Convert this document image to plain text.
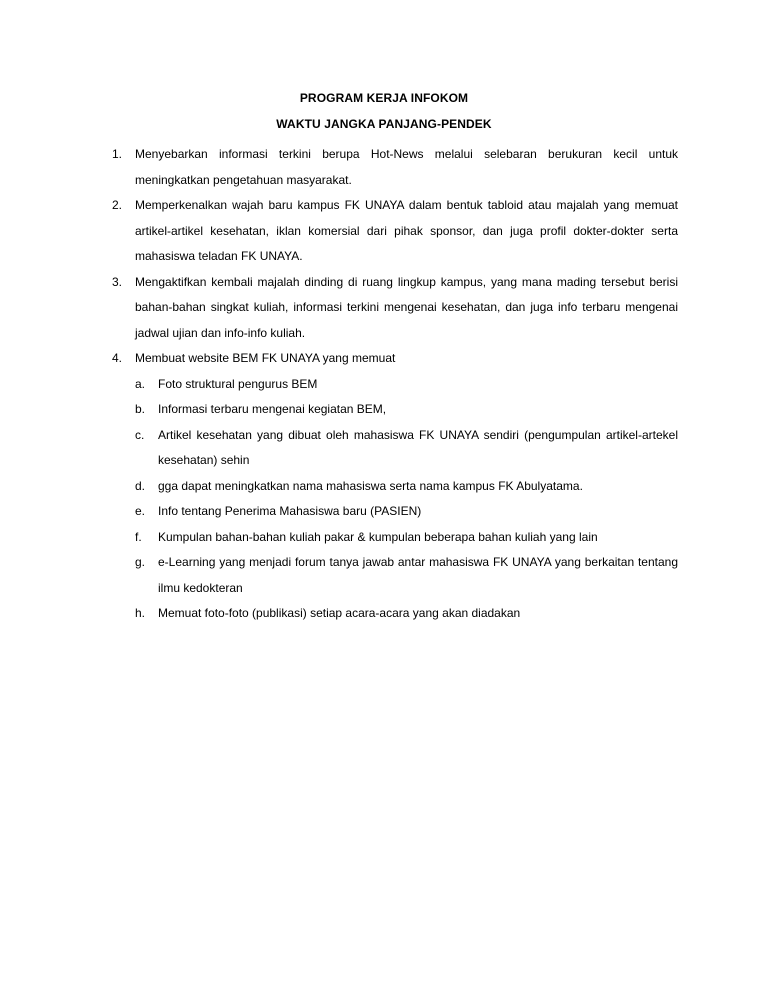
PROGRAM KERJA INFOKOM
WAKTU JANGKA PANJANG-PENDEK
1. Menyebarkan informasi terkini berupa Hot-News melalui selebaran berukuran kecil untuk meningkatkan pengetahuan masyarakat.
2. Memperkenalkan wajah baru kampus FK UNAYA dalam bentuk tabloid atau majalah yang memuat artikel-artikel kesehatan, iklan komersial dari pihak sponsor, dan juga profil dokter-dokter serta mahasiswa teladan FK UNAYA.
3. Mengaktifkan kembali majalah dinding di ruang lingkup kampus, yang mana mading tersebut berisi bahan-bahan singkat kuliah, informasi terkini mengenai kesehatan, dan juga info terbaru mengenai jadwal ujian dan info-info kuliah.
4. Membuat website BEM FK UNAYA yang memuat
a. Foto struktural pengurus BEM
b. Informasi terbaru mengenai kegiatan BEM,
c. Artikel kesehatan yang dibuat oleh mahasiswa FK UNAYA sendiri (pengumpulan artikel-artekel kesehatan) sehin
d. gga dapat meningkatkan nama mahasiswa serta nama kampus FK Abulyatama.
e. Info tentang Penerima Mahasiswa baru (PASIEN)
f. Kumpulan bahan-bahan kuliah pakar & kumpulan beberapa bahan kuliah yang lain
g. e-Learning yang menjadi forum tanya jawab antar mahasiswa FK UNAYA yang berkaitan tentang ilmu kedokteran
h. Memuat foto-foto (publikasi) setiap acara-acara yang akan diadakan
